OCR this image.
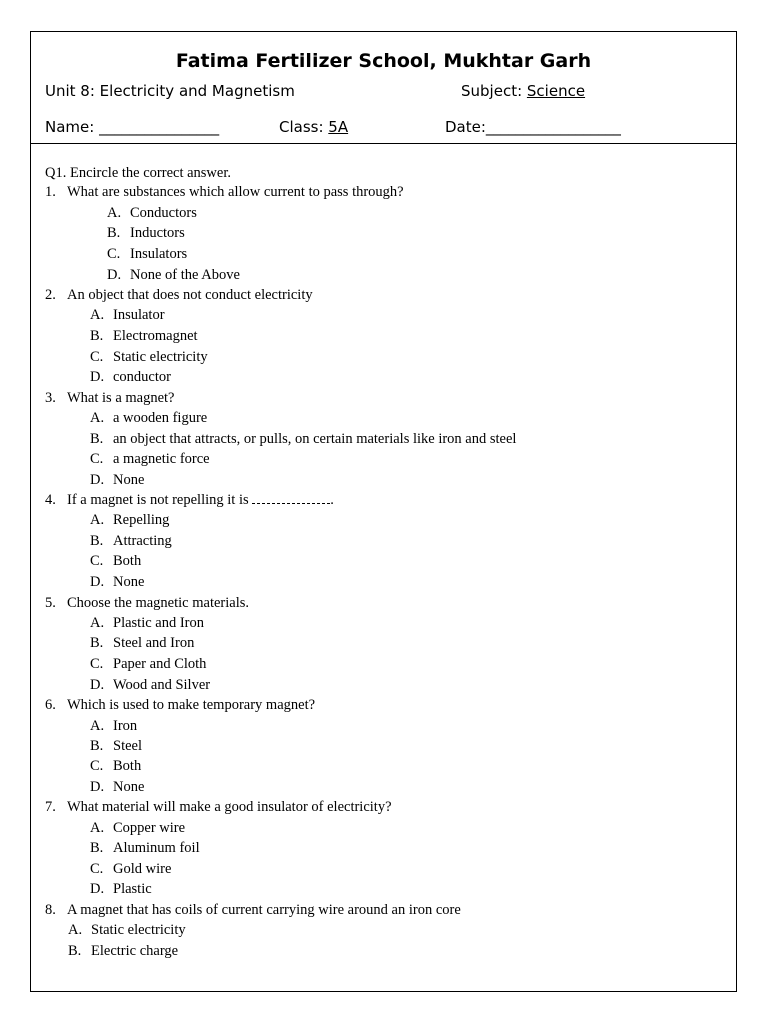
Fatima Fertilizer School, Mukhtar Garh
Unit 8: Electricity and Magnetism	Subject: Science
Name: ________________	Class: 5A	Date:__________________
Q1. Encircle the correct answer.
1. What are substances which allow current to pass through?
A. Conductors
B. Inductors
C. Insulators
D. None of the Above
2. An object that does not conduct electricity
A. Insulator
B. Electromagnet
C. Static electricity
D. conductor
3. What is a magnet?
A. a wooden figure
B. an object that attracts, or pulls, on certain materials like iron and steel
C. a magnetic force
D. None
4. If a magnet is not repelling it is	.
A. Repelling
B. Attracting
C. Both
D. None
5. Choose the magnetic materials.
A. Plastic and Iron
B. Steel and Iron
C. Paper and Cloth
D. Wood and Silver
6. Which is used to make temporary magnet?
A. Iron
B. Steel
C. Both
D. None
7. What material will make a good insulator of electricity?
A. Copper wire
B. Aluminum foil
C. Gold wire
D. Plastic
8. A magnet that has coils of current carrying wire around an iron core
A. Static electricity
B. Electric charge
